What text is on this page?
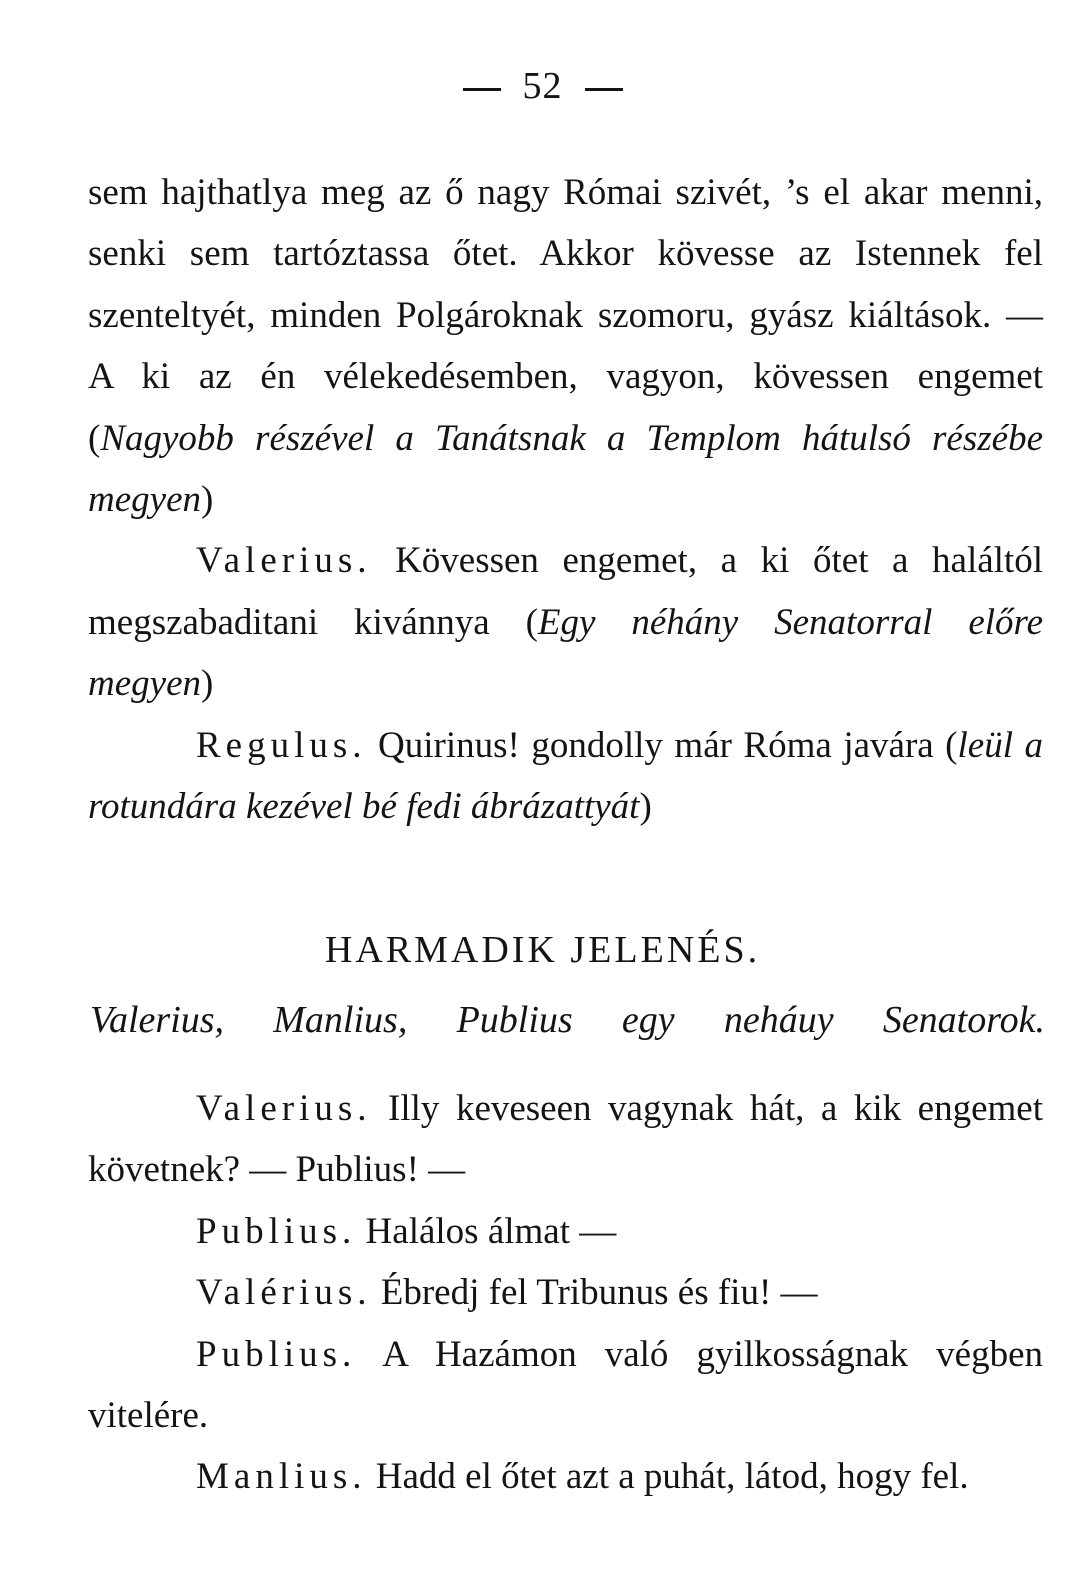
52

sem hajthatlya meg az ő nagy Római szivét, ’s el akar menni, senki sem tartóztassa őtet. Akkor kövesse az Istennek fel szenteltyét, minden Polgároknak szomoru, gyász kiáltások. — A ki az én vélekedésemben, vagyon, kövessen engemet (Nagyobb részével a Tanátsnak a Templom hátulsó részébe megyen)

Valerius. Kövessen engemet, a ki őtet a haláltól megszabaditani kivánnya (Egy néhány Senatorral előre megyen)

Regulus. Quirinus! gondolly már Róma javára (leül a rotundára kezével bé fedi ábrázattyát)

HARMADIK JELENÉS.
Valerius, Manlius, Publius egy neháuy Senatorok.

Valerius. Illy keveseen vagynak hát, a kik engemet követnek? — Publius! —

Publius. Halálos álmat —

Valérius. Ébredj fel Tribunus és fiu! —

Publius. A Hazámon való gyilkosságnak végben vitelére.

Manlius. Hadd el őtet azt a puhát, látod, hogy fel.
